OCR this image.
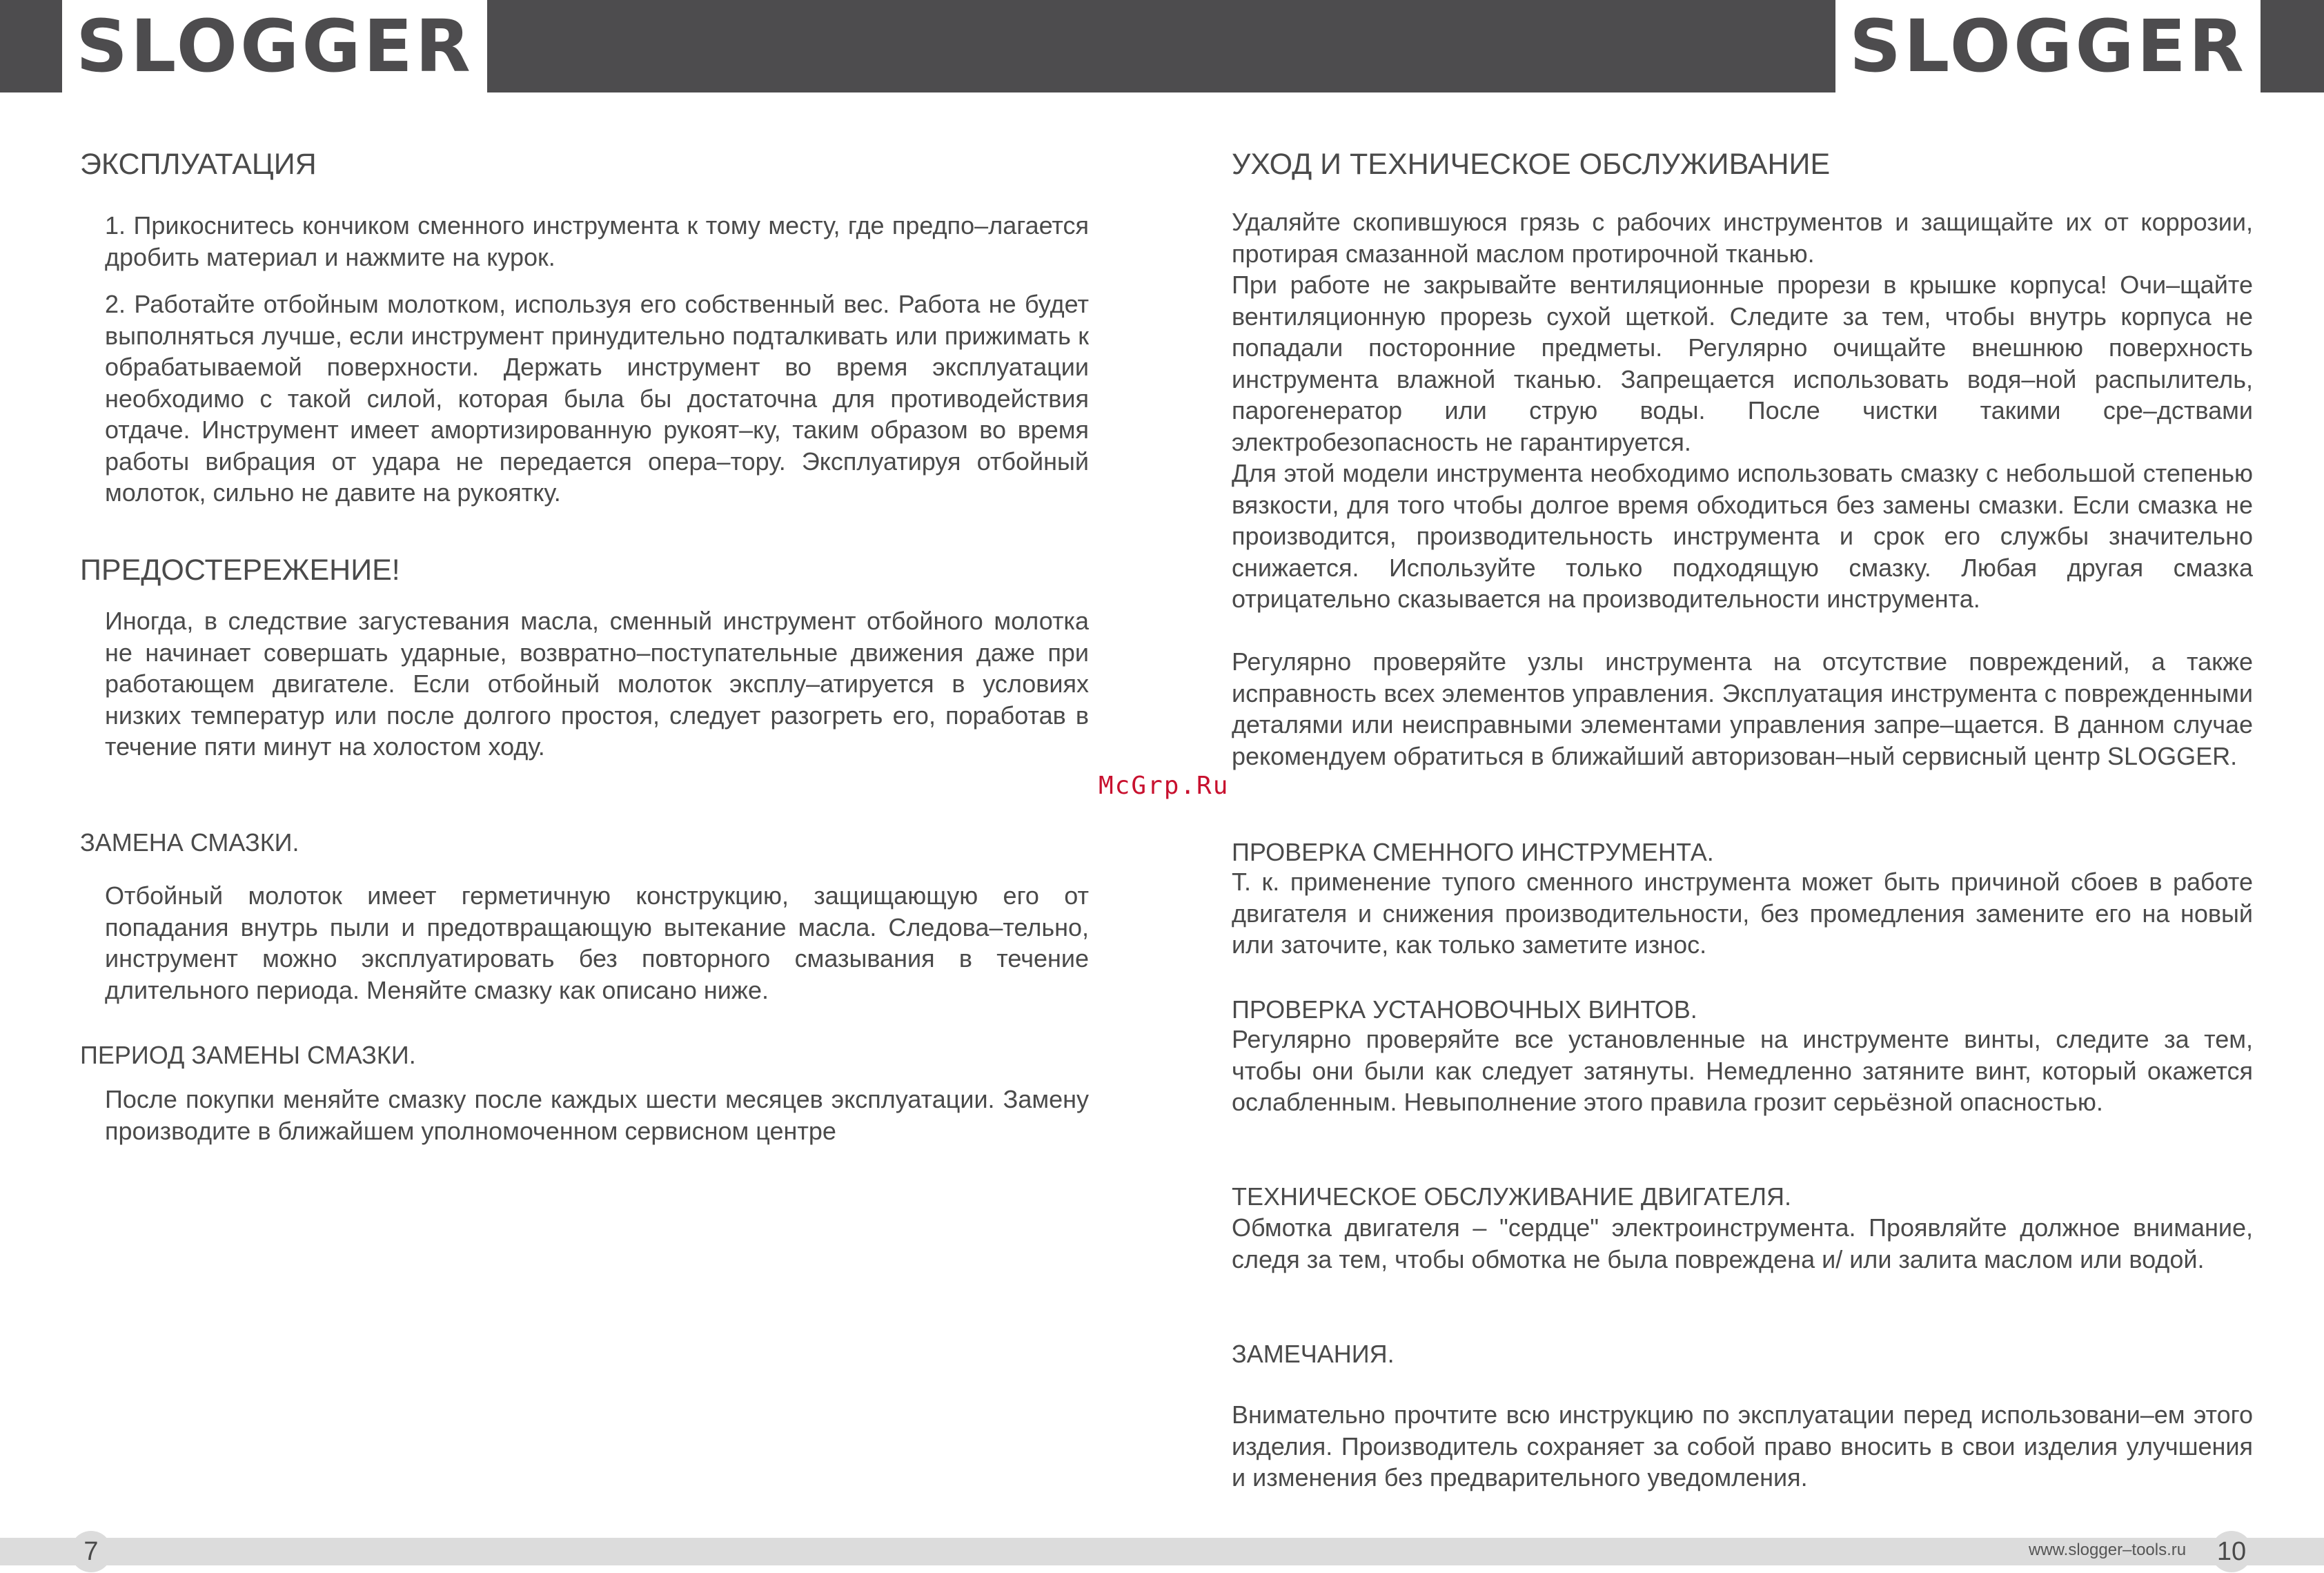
SLOGGER	SLOGGER
ЭКСПЛУАТАЦИЯ
1. Прикоснитесь кончиком сменного инструмента к тому месту, где предпо–лагается дробить материал и нажмите на курок.
2. Работайте отбойным молотком, используя его собственный вес. Работа не будет выполняться лучше, если инструмент принудительно подталкивать или прижимать к обрабатываемой поверхности. Держать инструмент во время эксплуатации необходимо с такой силой, которая была бы достаточна для противодействия отдаче. Инструмент имеет амортизированную рукоят–ку, таким образом во время работы вибрация от удара не передается опера–тору. Эксплуатируя отбойный молоток, сильно не давите на рукоятку.
ПРЕДОСТЕРЕЖЕНИЕ!
Иногда, в следствие загустевания масла, сменный инструмент отбойного молотка не начинает совершать ударные, возвратно–поступательные движения даже при работающем двигателе. Если отбойный молоток эксплу–атируется в условиях низких температур или после долгого простоя, следует разогреть его, поработав в течение пяти минут на холостом ходу.
ЗАМЕНА СМАЗКИ.
Отбойный молоток имеет герметичную конструкцию, защищающую его от попадания внутрь пыли и предотвращающую вытекание масла. Следова–тельно, инструмент можно эксплуатировать без повторного смазывания в течение длительного периода. Меняйте смазку как описано ниже.
ПЕРИОД ЗАМЕНЫ СМАЗКИ.
После покупки меняйте смазку после каждых шести месяцев эксплуатации. Замену производите в ближайшем уполномоченном сервисном центре
McGrp.Ru
УХОД И ТЕХНИЧЕСКОЕ ОБСЛУЖИВАНИЕ
Удаляйте скопившуюся грязь с рабочих инструментов и защищайте их от коррозии, протирая смазанной маслом протирочной тканью.
При работе не закрывайте вентиляционные прорези в крышке корпуса! Очи–щайте вентиляционную прорезь сухой щеткой. Следите за тем, чтобы внутрь корпуса не попадали посторонние предметы. Регулярно очищайте внешнюю поверхность инструмента влажной тканью. Запрещается использовать водя–ной распылитель, парогенератор или струю воды. После чистки такими сре–дствами электробезопасность не гарантируется.
Для этой модели инструмента необходимо использовать смазку с небольшой степенью вязкости, для того чтобы долгое время обходиться без замены смазки. Если смазка не производится, производительность инструмента и срок его службы значительно снижается. Используйте только подходящую смазку. Любая другая смазка отрицательно сказывается на производительности инструмента.
Регулярно проверяйте узлы инструмента на отсутствие повреждений, а также исправность всех элементов управления. Эксплуатация инструмента с поврежденными деталями или неисправными элементами управления запре–щается. В данном случае рекомендуем обратиться в ближайший авторизован–ный сервисный центр SLOGGER.
ПРОВЕРКА СМЕННОГО ИНСТРУМЕНТА.
Т. к. применение тупого сменного инструмента может быть причиной сбоев в работе двигателя и снижения производительности, без промедления замените его на новый или заточите, как только заметите износ.
ПРОВЕРКА УСТАНОВОЧНЫХ ВИНТОВ.
Регулярно проверяйте все установленные на инструменте винты, следите за тем, чтобы они были как следует затянуты. Немедленно затяните винт, который окажется ослабленным. Невыполнение этого правила грозит серьёзной опасностью.
ТЕХНИЧЕСКОЕ ОБСЛУЖИВАНИЕ ДВИГАТЕЛЯ.
Обмотка двигателя – "сердце" электроинструмента. Проявляйте должное внимание, следя за тем, чтобы обмотка не была повреждена и/ или залита маслом или водой.
ЗАМЕЧАНИЯ.
Внимательно прочтите всю инструкцию по эксплуатации перед использовани–ем этого изделия. Производитель сохраняет за собой право вносить в свои изделия улучшения и изменения без предварительного уведомления.
7	www.slogger–tools.ru 10
